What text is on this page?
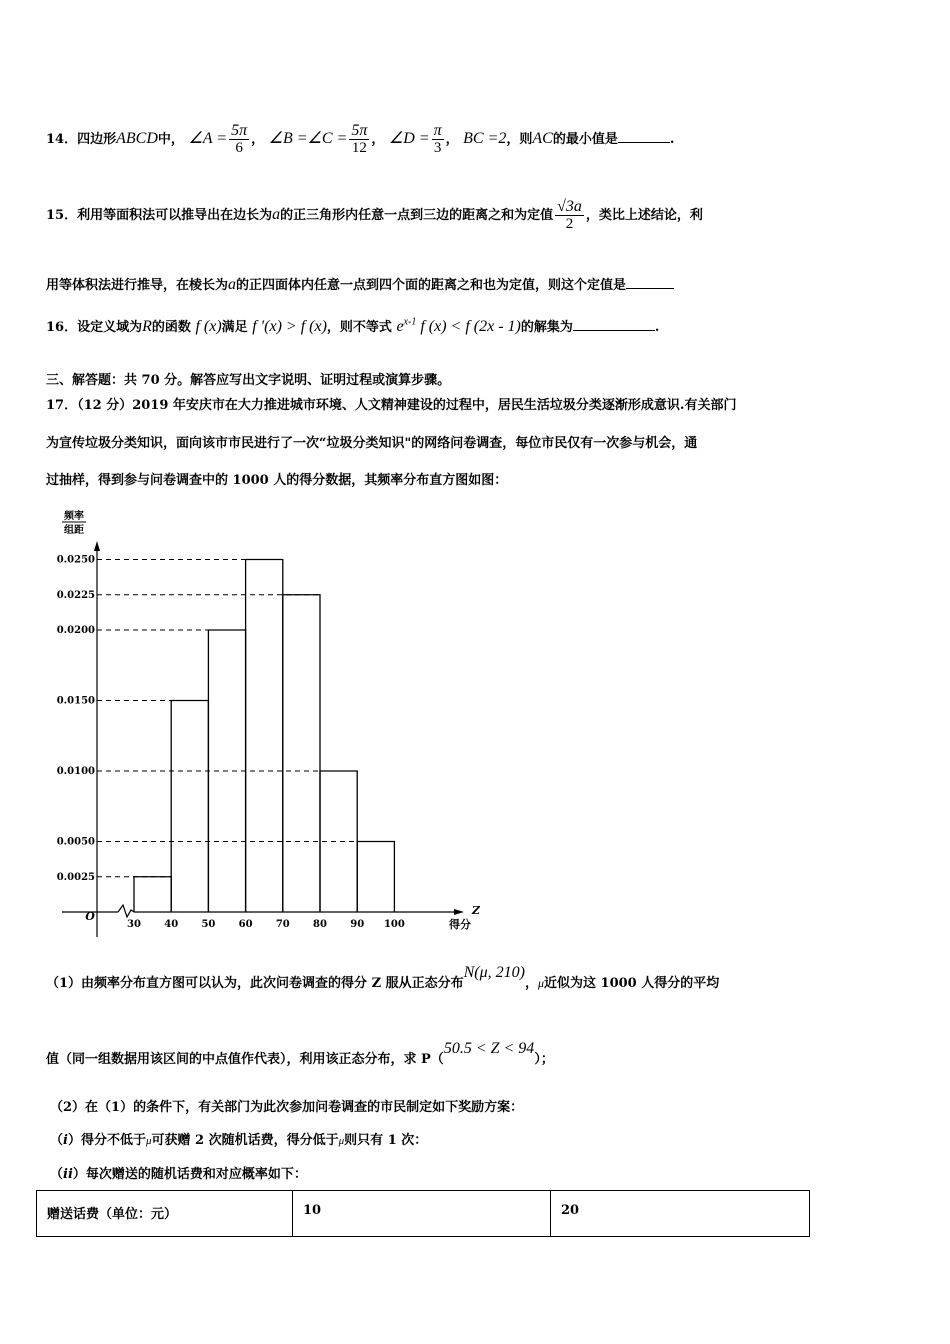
14．四边形ABCD中， ∠A = $\frac{5\pi}{6}$ ， ∠B =∠C = $\frac{5\pi}{12}$ ， ∠D = $\frac{\pi}{3}$ ， BC =2，则AC的最小值是	.
15．利用等面积法可以推导出在边长为a的正三角形内任意一点到三边的距离之和为定值 $\frac{√3a}{2}$ ，类比上述结论，利
用等体积法进行推导，在棱长为a的正四面体内任意一点到四个面的距离之和也为定值，则这个定值是
16．设定义域为R的函数 f (x)满足 f ′(x) > f (x)，则不等式 $e^{x-1}$ f (x) < f (2x - 1)的解集为	.
三、解答题：共 70 分。解答应写出文字说明、证明过程或演算步骤。
17．（12 分）2019 年安庆市在大力推进城市环境、人文精神建设的过程中，居民生活垃圾分类逐渐形成意识.有关部门
为宣传垃圾分类知识，面向该市市民进行了一次“垃圾分类知识"的网络问卷调查，每位市民仅有一次参与机会，通
过抽样，得到参与问卷调查中的 1000 人的得分数据，其频率分布直方图如图：
0.0025
0.0050
0.0100
0.0150
0.0200
0.0225
0.0250
30 40 50 60 70 80 90 100
频率
组距
得分
Z
O
（1）由频率分布直方图可以认为，此次问卷调查的得分 Z 服从正态分布N(μ, 210)，μ近似为这 1000 人得分的平均
值（同一组数据用该区间的中点值作代表），利用该正态分布，求 P（50.5 < Z < 94）；
（2）在（1）的条件下，有关部门为此次参加问卷调查的市民制定如下奖励方案：
（i）得分不低于μ可获赠 2 次随机话费，得分低于μ则只有 1 次：
（ii）每次赠送的随机话费和对应概率如下：
赠送话费（单位：元）	10	20
